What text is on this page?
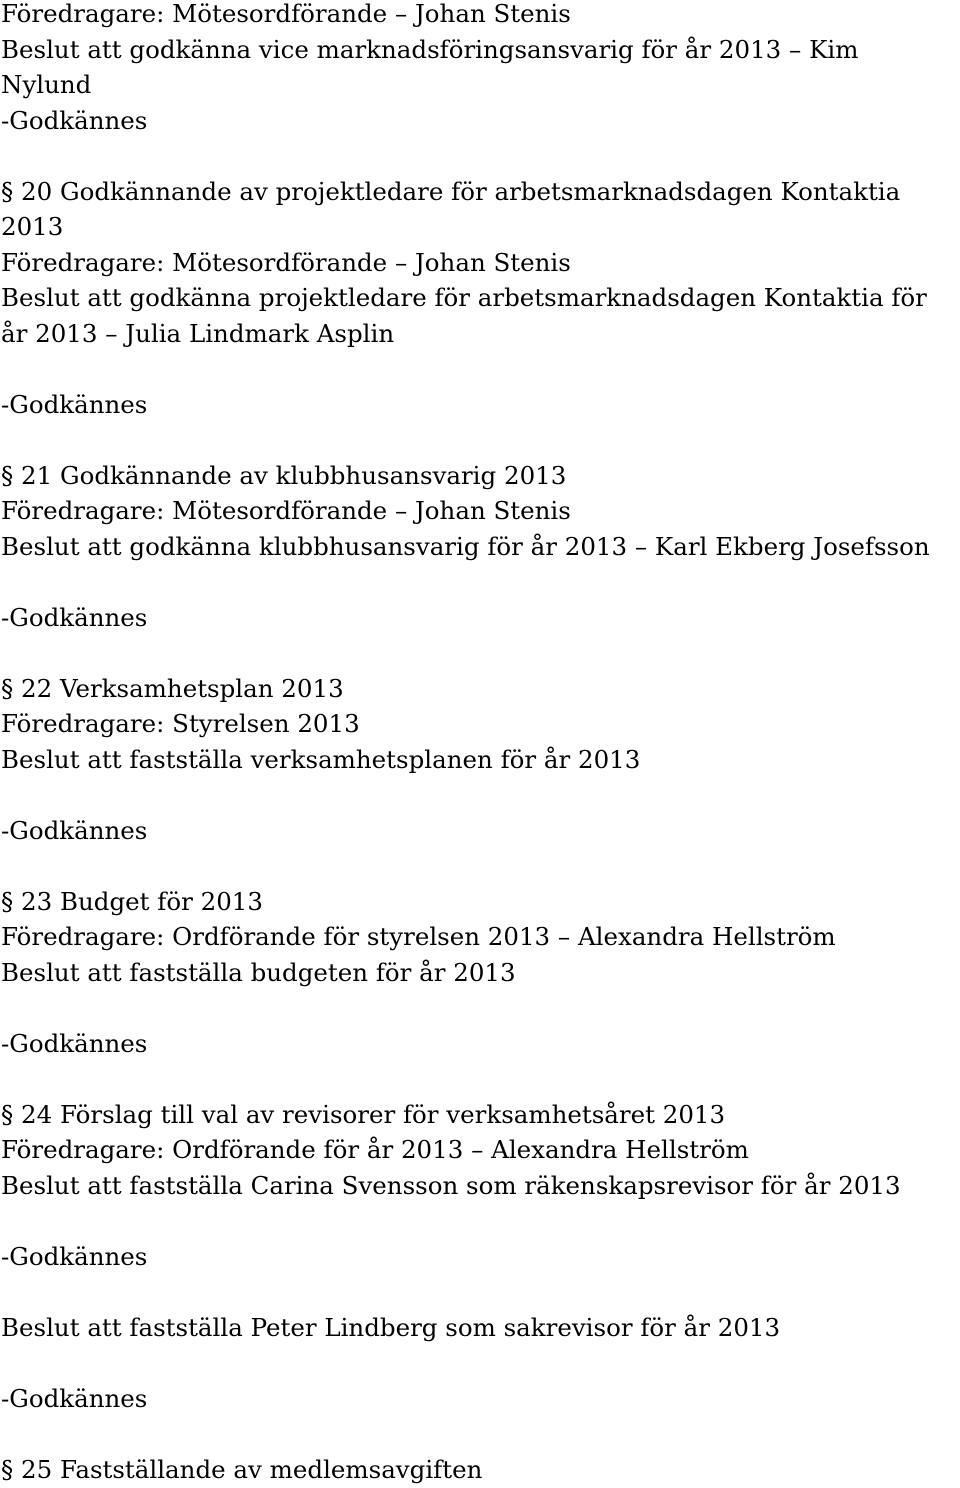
Föredragare: Mötesordförande – Johan Stenis
Beslut att godkänna vice marknadsföringsansvarig för år 2013 – Kim
Nylund
-Godkännes
§ 20 Godkännande av projektledare för arbetsmarknadsdagen Kontaktia
2013
Föredragare: Mötesordförande – Johan Stenis
Beslut att godkänna projektledare för arbetsmarknadsdagen Kontaktia för
år 2013 – Julia Lindmark Asplin
-Godkännes
§ 21 Godkännande av klubbhusansvarig 2013
Föredragare: Mötesordförande – Johan Stenis
Beslut att godkänna klubbhusansvarig för år 2013 – Karl Ekberg Josefsson
-Godkännes
§ 22 Verksamhetsplan 2013
Föredragare: Styrelsen 2013
Beslut att fastställa verksamhetsplanen för år 2013
-Godkännes
§ 23 Budget för 2013
Föredragare: Ordförande för styrelsen 2013 – Alexandra Hellström
Beslut att fastställa budgeten för år 2013
-Godkännes
§ 24 Förslag till val av revisorer för verksamhetsåret 2013
Föredragare: Ordförande för år 2013 – Alexandra Hellström
Beslut att fastställa Carina Svensson som räkenskapsrevisor för år 2013
-Godkännes
Beslut att fastställa Peter Lindberg som sakrevisor för år 2013
-Godkännes
§ 25 Fastställande av medlemsavgiften
